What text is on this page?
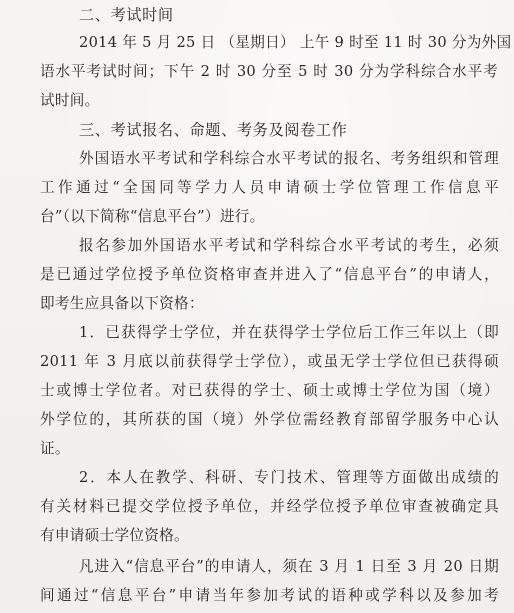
二、考试时间
2014 年 5 月 25 日 （星期日） 上午 9 时至 11 时 30 分为外国
语水平考试时间；下午 2 时 30 分至 5 时 30 分为学科综合水平考
试时间。
三、考试报名、命题、考务及阅卷工作
外国语水平考试和学科综合水平考试的报名、考务组织和管理
工作通过“全国同等学力人员申请硕士学位管理工作信息平
台”（以下简称“信息平台”）进行。
报名参加外国语水平考试和学科综合水平考试的考生，必须
是已通过学位授予单位资格审查并进入了“信息平台”的申请人，
即考生应具备以下资格：
1．已获得学士学位，并在获得学士学位后工作三年以上（即
2011 年 3 月底以前获得学士学位），或虽无学士学位但已获得硕
士或博士学位者。对已获得的学士、硕士或博士学位为国（境）
外学位的，其所获的国（境）外学位需经教育部留学服务中心认
证。
2．本人在教学、科研、专门技术、管理等方面做出成绩的
有关材料已提交学位授予单位，并经学位授予单位审查被确定具
有申请硕士学位资格。
凡进入“信息平台”的申请人，须在 3 月 1 日至 3 月 20 日期
间通过“信息平台”申请当年参加考试的语种或学科以及参加考
